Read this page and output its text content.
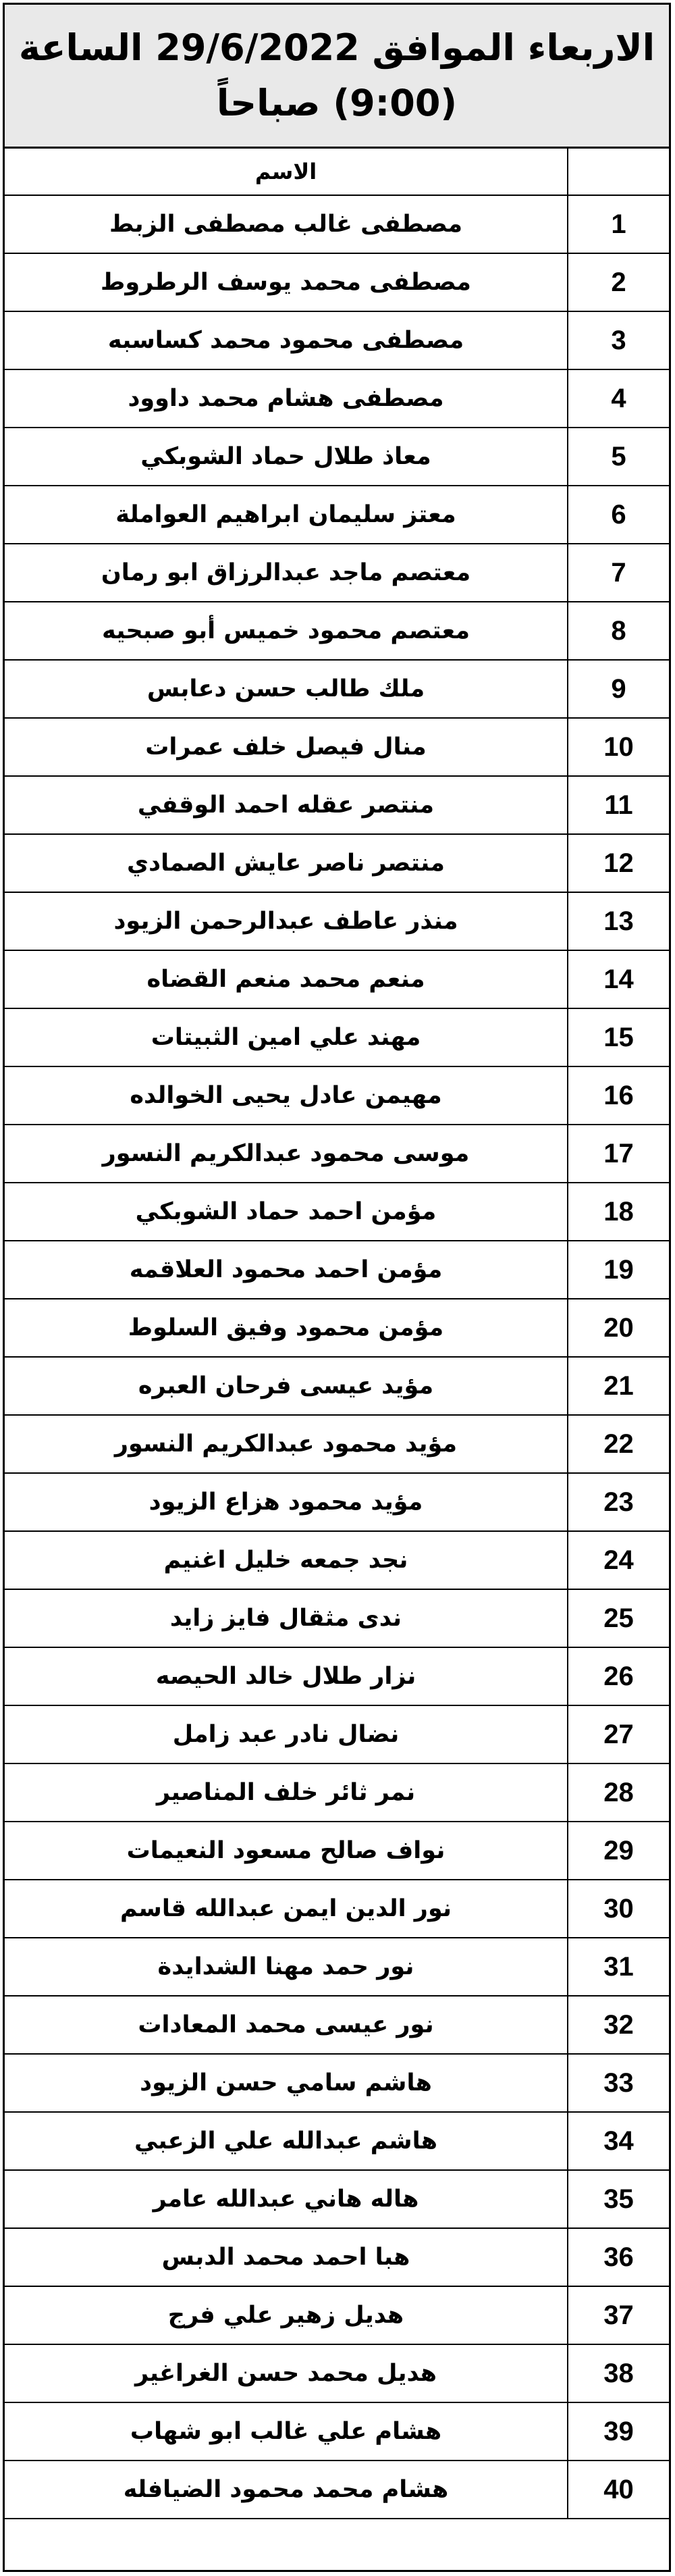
الاربعاء الموافق 29/6/2022 الساعة
(9:00) صباحاً
	الاسم
1	مصطفى غالب مصطفى الزبط
2	مصطفى محمد يوسف الرطروط
3	مصطفى محمود محمد كساسبه
4	مصطفى هشام محمد داوود
5	معاذ طلال حماد الشوبكي
6	معتز سليمان ابراهيم العواملة
7	معتصم ماجد عبدالرزاق ابو رمان
8	معتصم محمود خميس أبو صبحيه
9	ملك طالب حسن دعابس
10	منال فيصل خلف عمرات
11	منتصر عقله احمد الوقفي
12	منتصر ناصر عايش الصمادي
13	منذر عاطف عبدالرحمن الزيود
14	منعم محمد منعم القضاه
15	مهند علي امين الثبيتات
16	مهيمن عادل يحيى الخوالده
17	موسى محمود عبدالكريم النسور
18	مؤمن احمد حماد الشوبكي
19	مؤمن احمد محمود العلاقمه
20	مؤمن محمود وفيق السلوط
21	مؤيد عيسى فرحان العبره
22	مؤيد محمود عبدالكريم النسور
23	مؤيد محمود هزاع الزيود
24	نجد جمعه خليل اغنيم
25	ندى مثقال فايز زايد
26	نزار طلال خالد الحيصه
27	نضال نادر عبد زامل
28	نمر ثائر خلف المناصير
29	نواف صالح مسعود النعيمات
30	نور الدين ايمن عبدالله قاسم
31	نور حمد مهنا الشدايدة
32	نور عيسى محمد المعادات
33	هاشم سامي حسن الزيود
34	هاشم عبدالله علي الزعبي
35	هاله هاني عبدالله عامر
36	هبا احمد محمد الدبس
37	هديل زهير علي فرج
38	هديل محمد حسن الغراغير
39	هشام علي غالب ابو شهاب
40	هشام محمد محمود الضيافله
